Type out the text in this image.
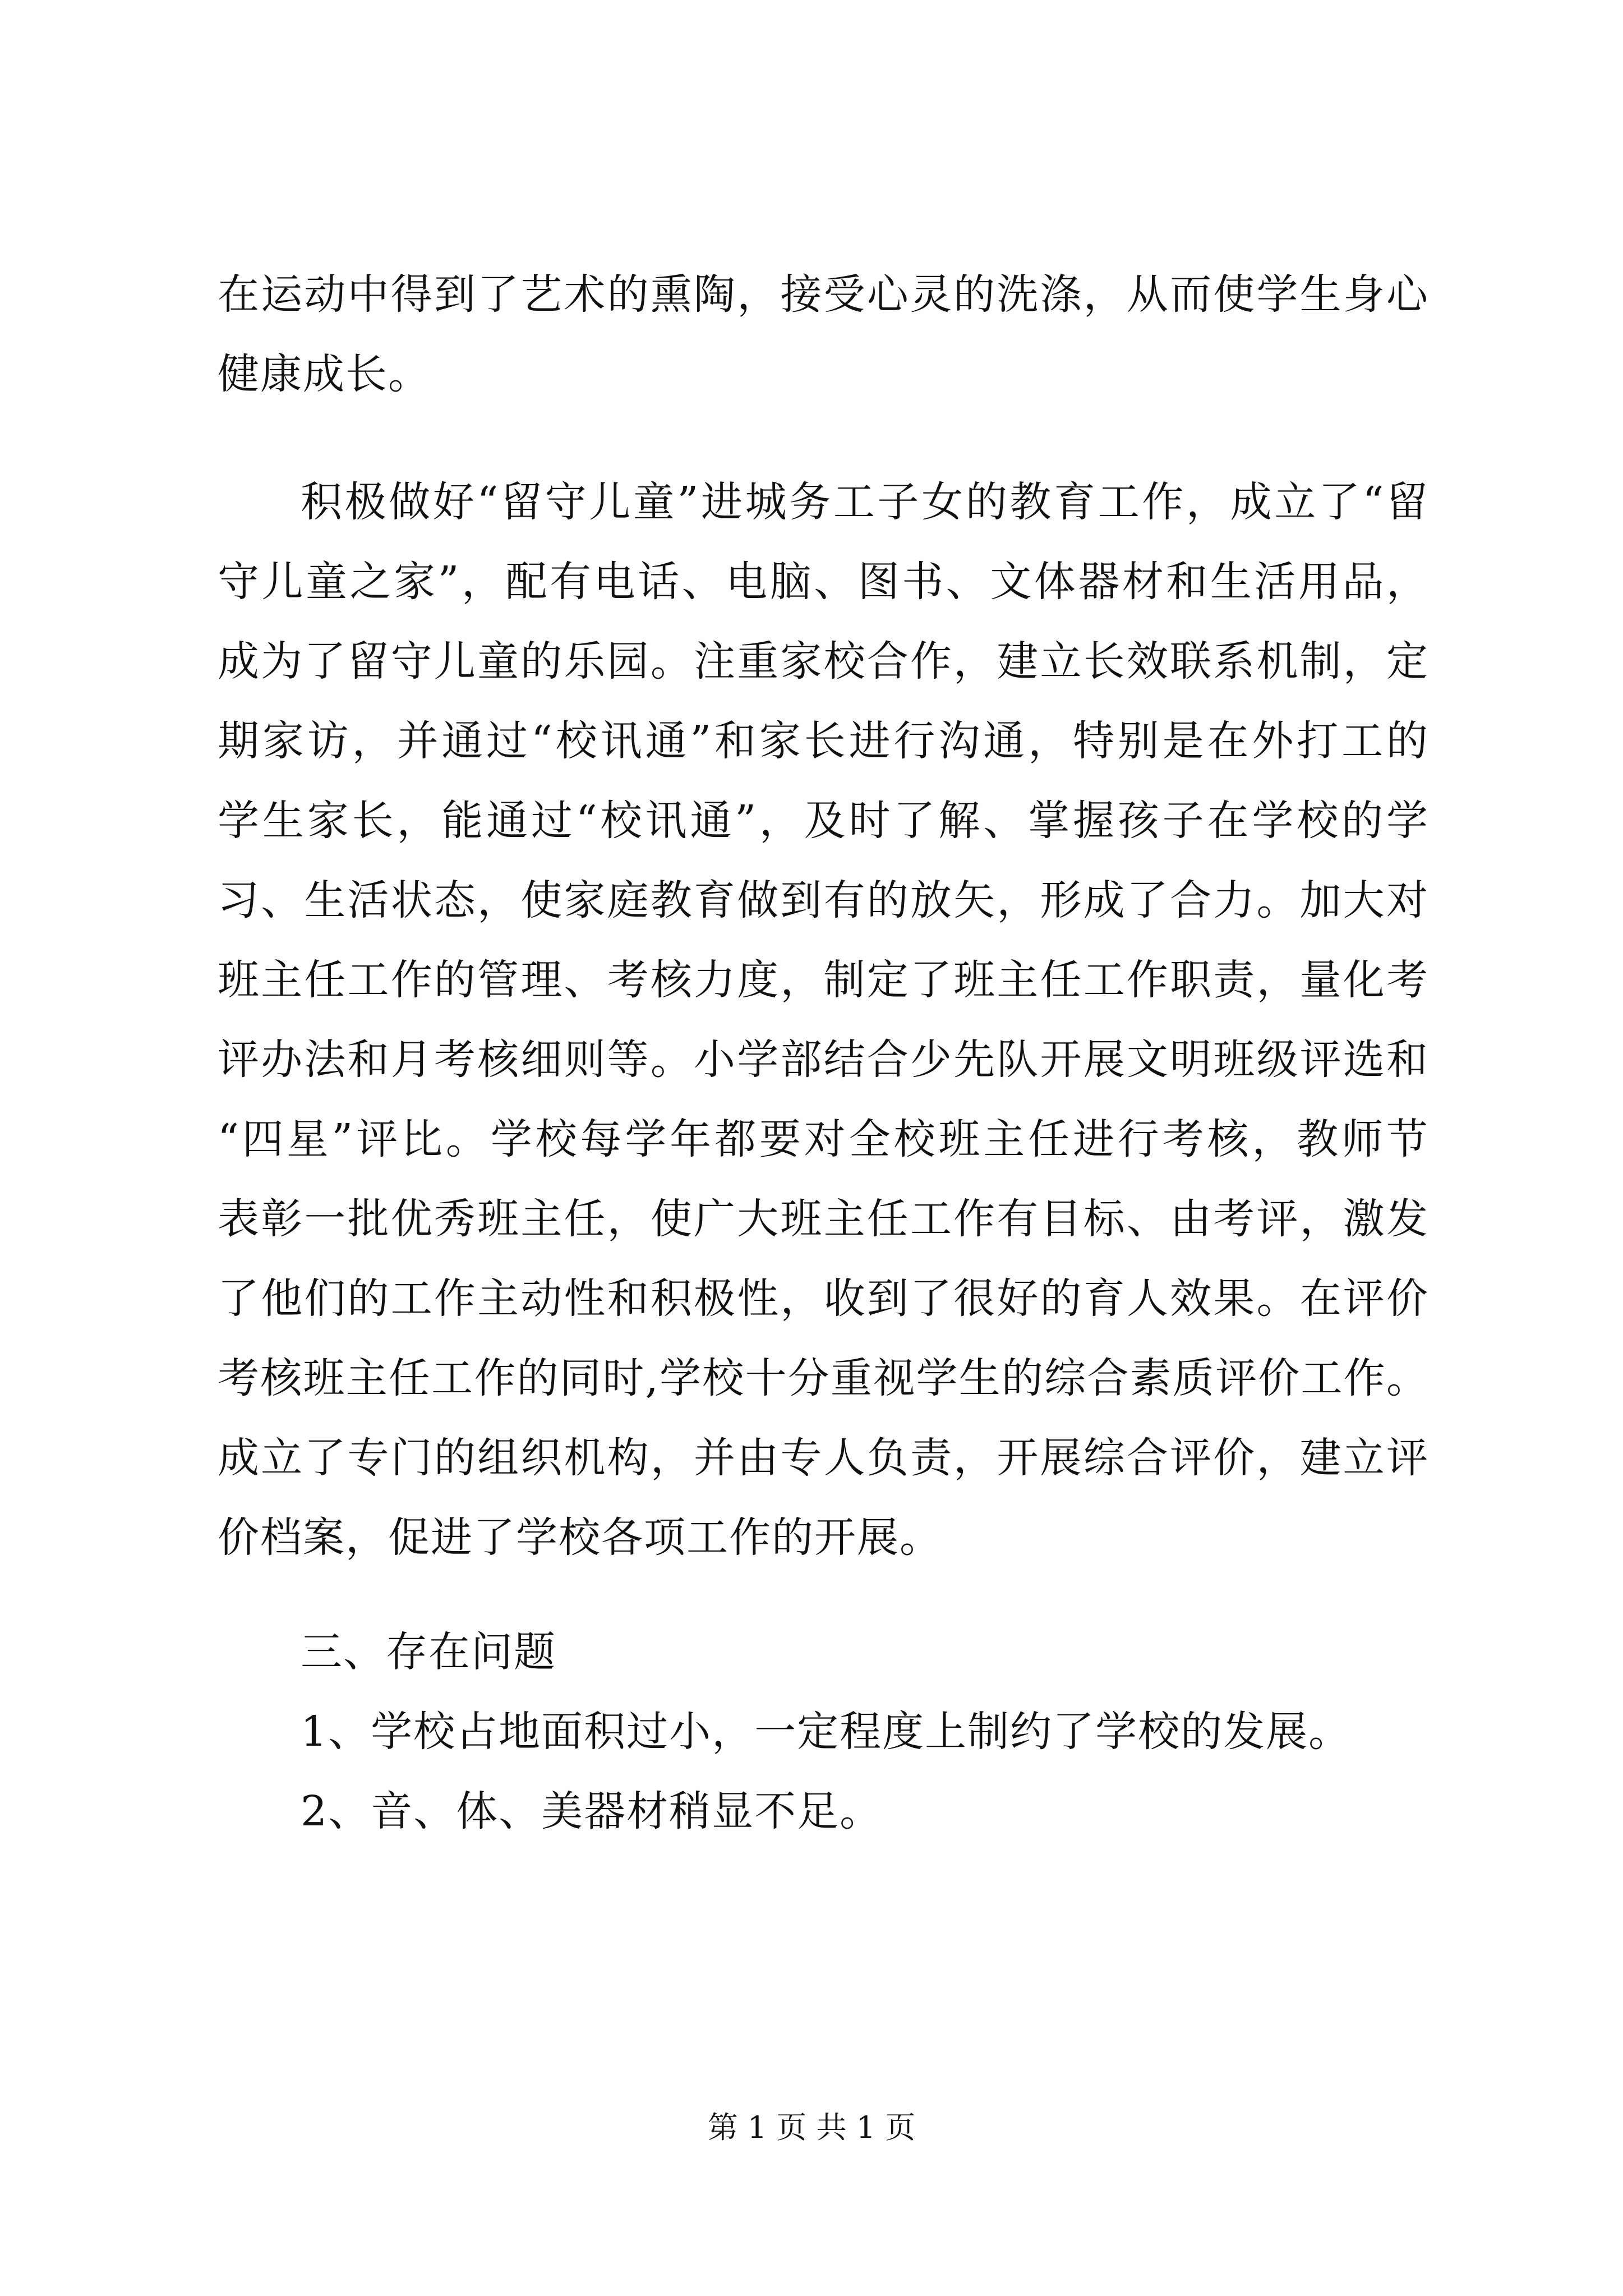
在运动中得到了艺术的熏陶，接受心灵的洗涤，从而使学生身心
健康成长。
积极做好“留守儿童”进城务工子女的教育工作，成立了“留
守儿童之家”，配有电话、电脑、图书、文体器材和生活用品，
成为了留守儿童的乐园。注重家校合作，建立长效联系机制，定
期家访，并通过“校讯通”和家长进行沟通，特别是在外打工的
学生家长，能通过“校讯通”，及时了解、掌握孩子在学校的学
习、生活状态，使家庭教育做到有的放矢，形成了合力。加大对
班主任工作的管理、考核力度，制定了班主任工作职责，量化考
评办法和月考核细则等。小学部结合少先队开展文明班级评选和
“四星”评比。学校每学年都要对全校班主任进行考核，教师节
表彰一批优秀班主任，使广大班主任工作有目标、由考评，激发
了他们的工作主动性和积极性，收到了很好的育人效果。在评价
考核班主任工作的同时,学校十分重视学生的综合素质评价工作。
成立了专门的组织机构，并由专人负责，开展综合评价，建立评
价档案，促进了学校各项工作的开展。
三、存在问题
1、学校占地面积过小，一定程度上制约了学校的发展。
2、音、体、美器材稍显不足。
第 1 页 共 1 页
